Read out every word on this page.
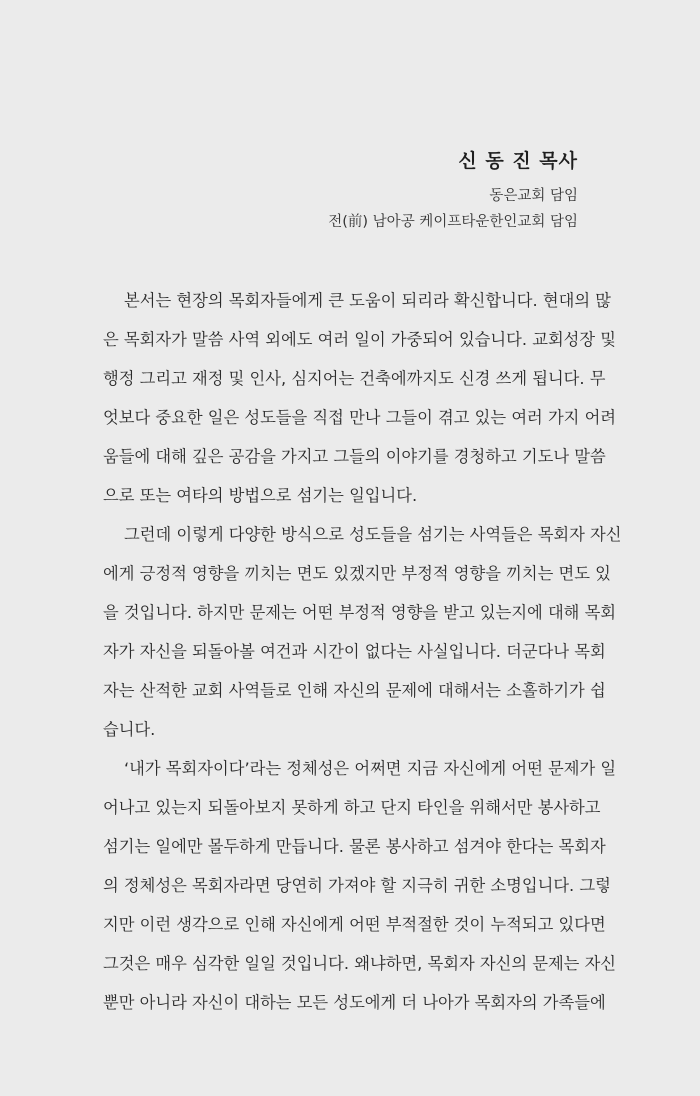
신 동 진 목사
동은교회 담임
전(前) 남아공 케이프타운한인교회 담임
본서는 현장의 목회자들에게 큰 도움이 되리라 확신합니다. 현대의 많
은 목회자가 말씀 사역 외에도 여러 일이 가중되어 있습니다. 교회성장 및
행정 그리고 재정 및 인사, 심지어는 건축에까지도 신경 쓰게 됩니다. 무
엇보다 중요한 일은 성도들을 직접 만나 그들이 겪고 있는 여러 가지 어려
움들에 대해 깊은 공감을 가지고 그들의 이야기를 경청하고 기도나 말씀
으로 또는 여타의 방법으로 섬기는 일입니다.
그런데 이렇게 다양한 방식으로 성도들을 섬기는 사역들은 목회자 자신
에게 긍정적 영향을 끼치는 면도 있겠지만 부정적 영향을 끼치는 면도 있
을 것입니다. 하지만 문제는 어떤 부정적 영향을 받고 있는지에 대해 목회
자가 자신을 되돌아볼 여건과 시간이 없다는 사실입니다. 더군다나 목회
자는 산적한 교회 사역들로 인해 자신의 문제에 대해서는 소홀하기가 쉽
습니다.
‘내가 목회자이다’라는 정체성은 어쩌면 지금 자신에게 어떤 문제가 일
어나고 있는지 되돌아보지 못하게 하고 단지 타인을 위해서만 봉사하고
섬기는 일에만 몰두하게 만듭니다. 물론 봉사하고 섬겨야 한다는 목회자
의 정체성은 목회자라면 당연히 가져야 할 지극히 귀한 소명입니다. 그렇
지만 이런 생각으로 인해 자신에게 어떤 부적절한 것이 누적되고 있다면
그것은 매우 심각한 일일 것입니다. 왜냐하면, 목회자 자신의 문제는 자신
뿐만 아니라 자신이 대하는 모든 성도에게 더 나아가 목회자의 가족들에
